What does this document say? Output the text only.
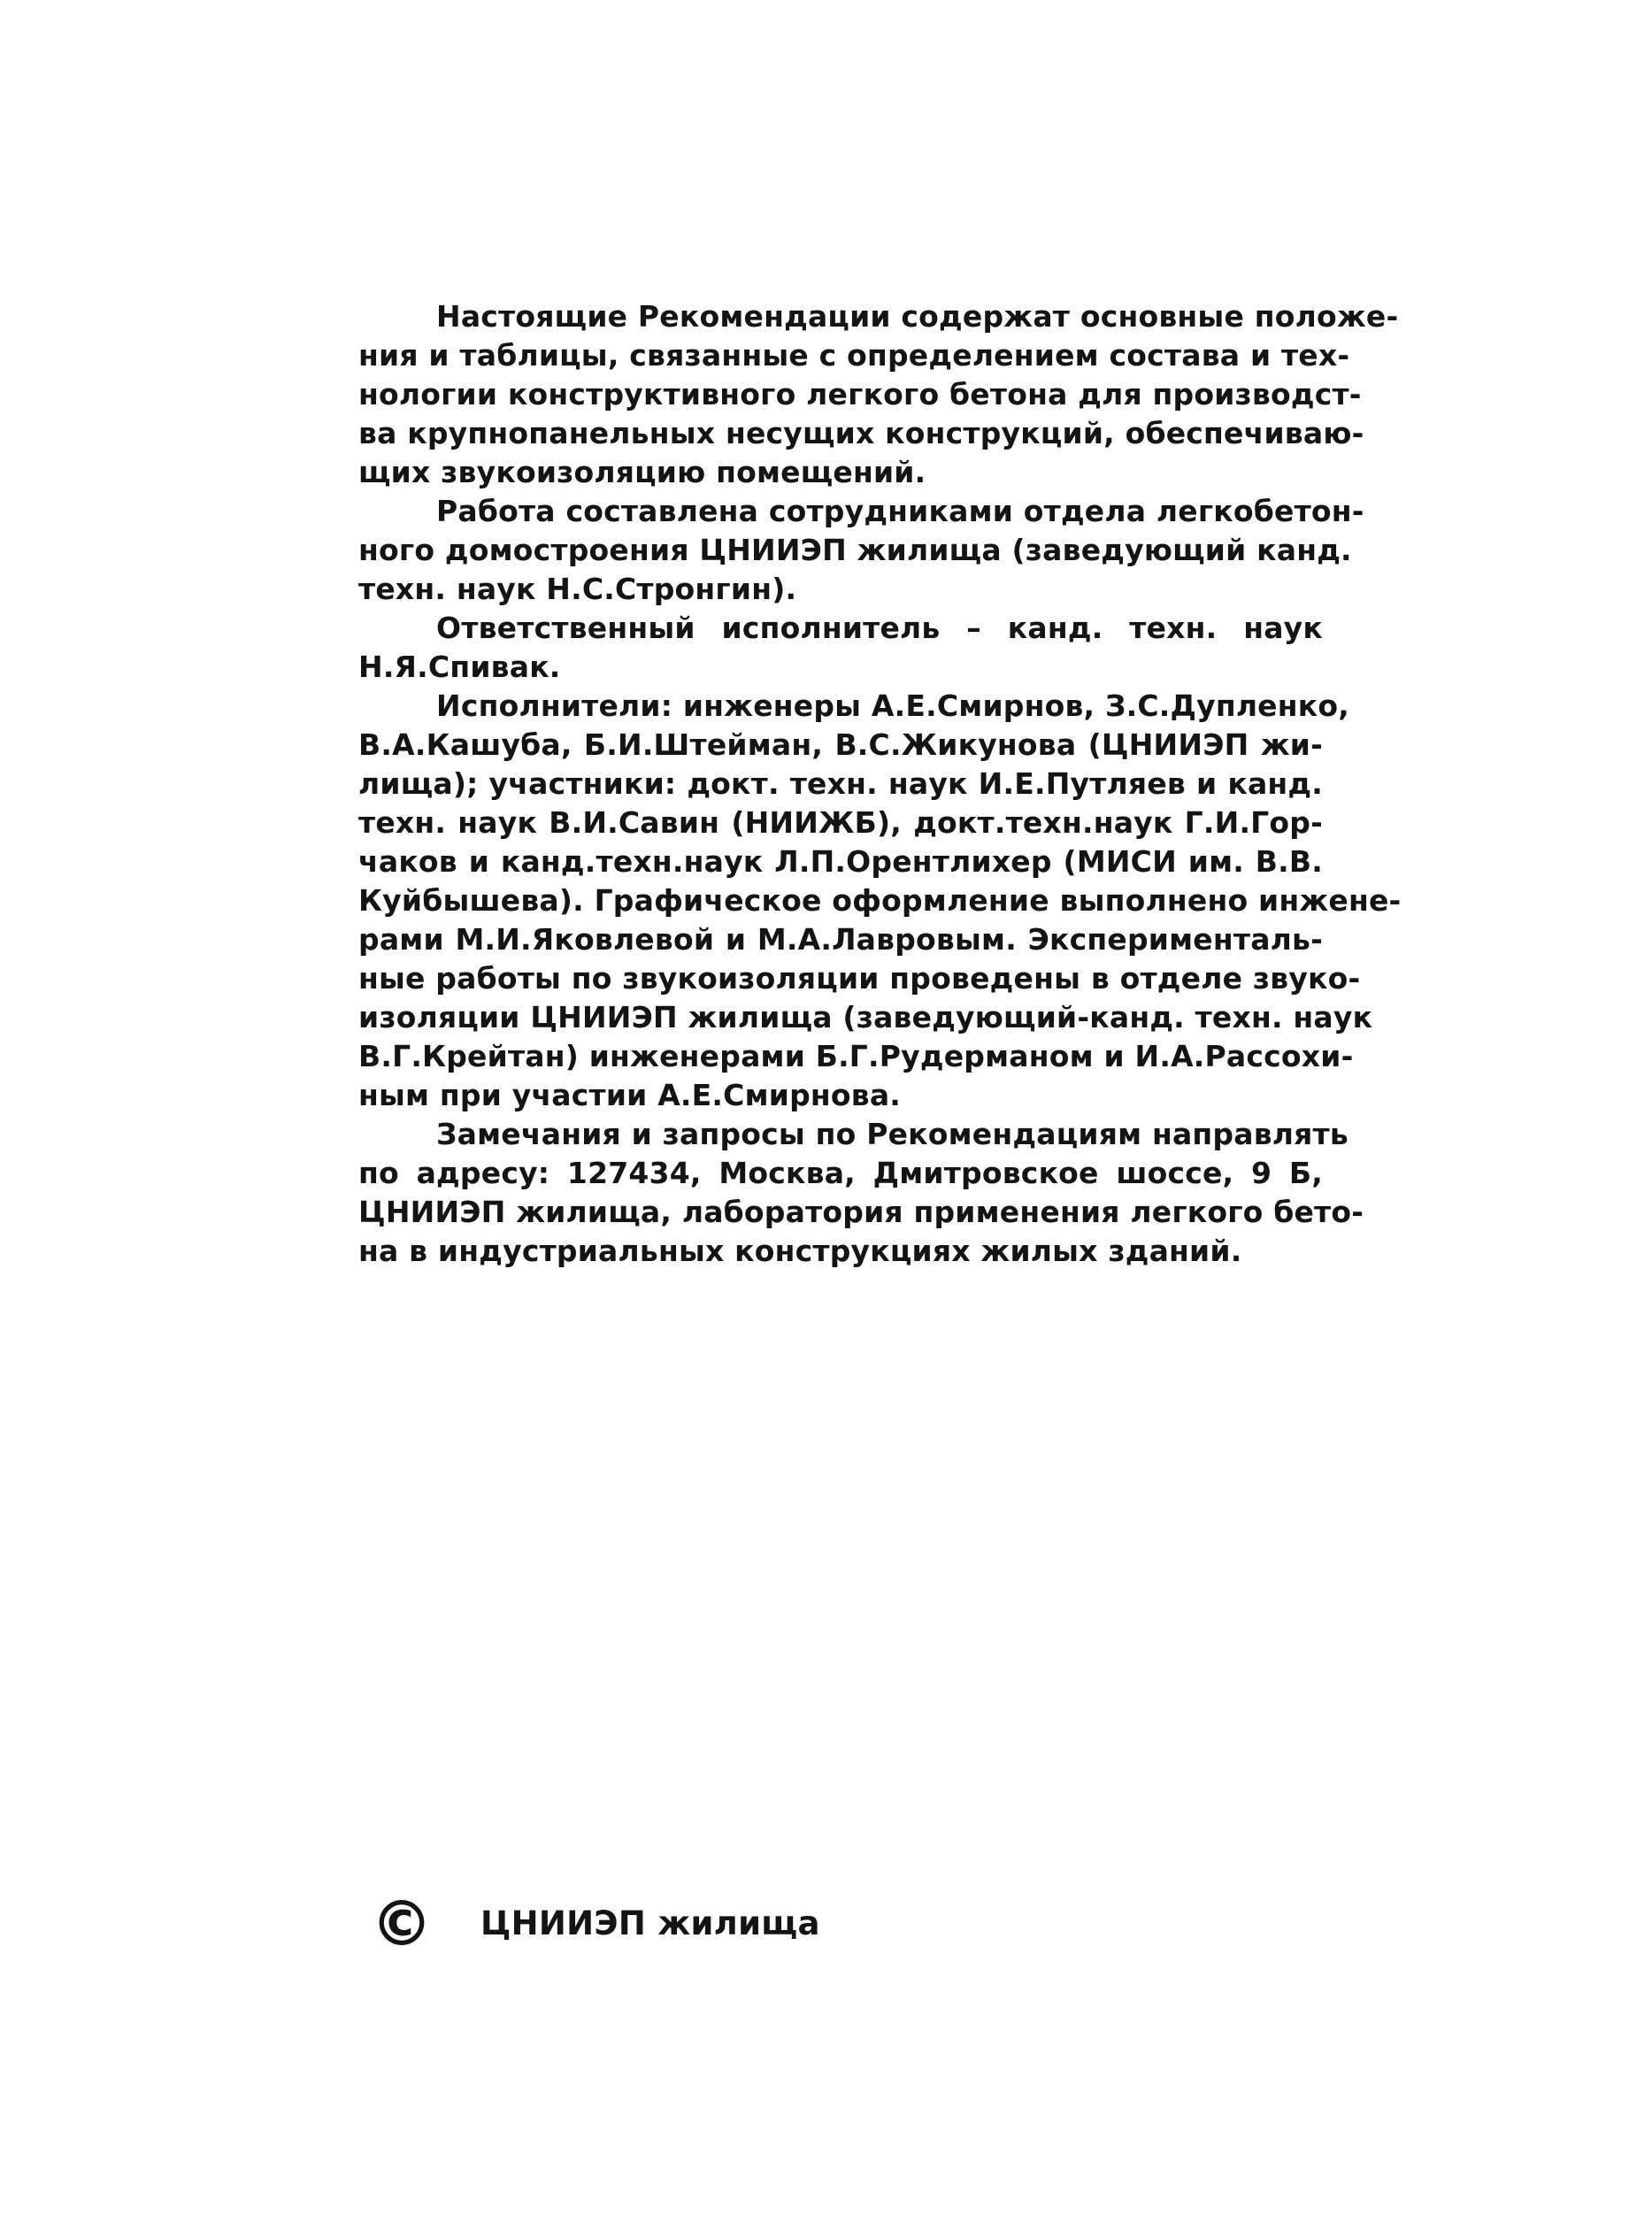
Настоящие Рекомендации содержат основные положе-
ния и таблицы, связанные с определением состава и тех-
нологии конструктивного легкого бетона для производст-
ва крупнопанельных несущих конструкций, обеспечиваю-
щих звукоизоляцию помещений.
Работа составлена сотрудниками отдела легкобетон-
ного домостроения ЦНИИЭП жилища (заведующий канд.
техн. наук Н.С.Стронгин).
Ответственный исполнитель – канд. техн. наук
Н.Я.Спивак.
Исполнители: инженеры А.Е.Смирнов, З.С.Дупленко,
В.А.Кашуба, Б.И.Штейман, В.С.Жикунова (ЦНИИЭП жи-
лища); участники: докт. техн. наук И.Е.Путляев и канд.
техн. наук В.И.Савин (НИИЖБ), докт.техн.наук Г.И.Гор-
чаков и канд.техн.наук Л.П.Орентлихер (МИСИ им. В.В.
Куйбышева). Графическое оформление выполнено инжене-
рами М.И.Яковлевой и М.А.Лавровым. Эксперименталь-
ные работы по звукоизоляции проведены в отделе звуко-
изоляции ЦНИИЭП жилища (заведующий-канд. техн. наук
В.Г.Крейтан) инженерами Б.Г.Рудерманом и И.А.Рассохи-
ным при участии А.Е.Смирнова.
Замечания и запросы по Рекомендациям направлять
по адресу: 127434, Москва, Дмитровское шоссе, 9 Б,
ЦНИИЭП жилища, лаборатория применения легкого бето-
на в индустриальных конструкциях жилых зданий.
© ЦНИИЭП жилища
